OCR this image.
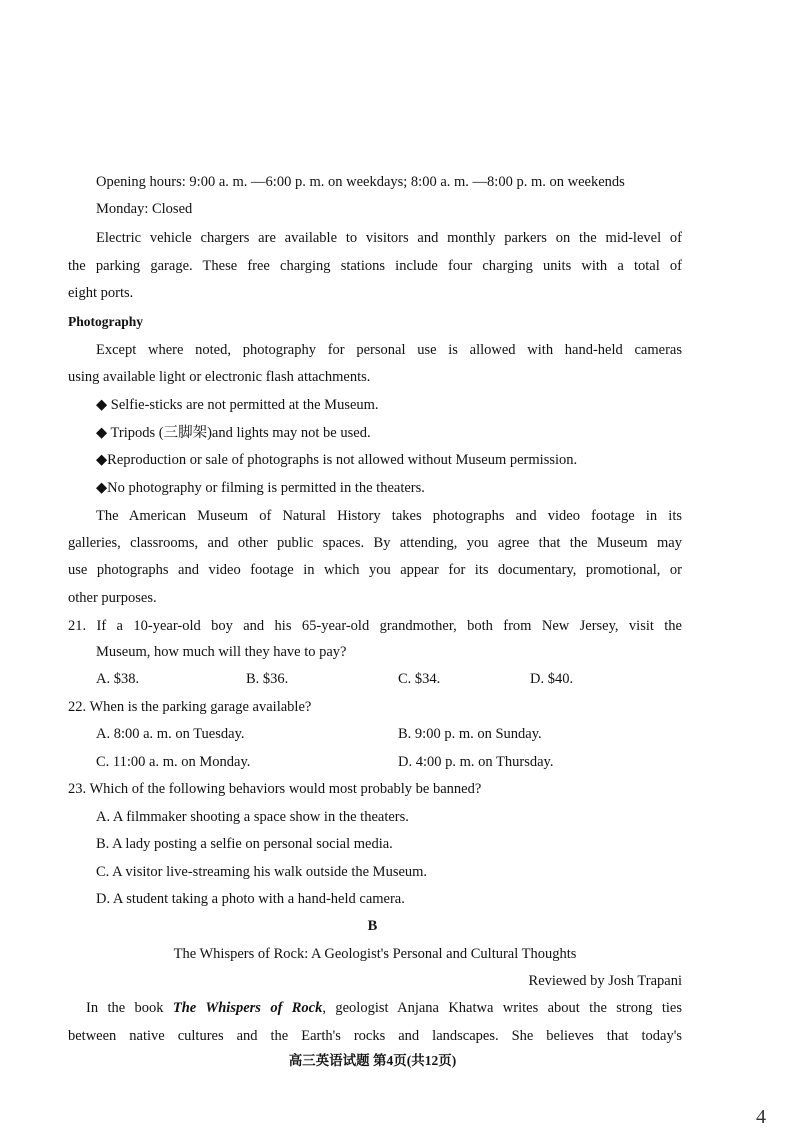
Opening hours: 9:00 a. m. —6:00 p. m. on weekdays; 8:00 a. m. —8:00 p. m. on weekends
Monday: Closed
Electric vehicle chargers are available to visitors and monthly parkers on the mid-level of
the parking garage. These free charging stations include four charging units with a total of
eight ports.
Photography
Except where noted, photography for personal use is allowed with hand-held cameras
using available light or electronic flash attachments.
◆ Selfie-sticks are not permitted at the Museum.
◆ Tripods (三脚架)and lights may not be used.
◆Reproduction or sale of photographs is not allowed without Museum permission.
◆No photography or filming is permitted in the theaters.
The American Museum of Natural History takes photographs and video footage in its
galleries, classrooms, and other public spaces. By attending, you agree that the Museum may
use photographs and video footage in which you appear for its documentary, promotional, or
other purposes.
21. If a 10-year-old boy and his 65-year-old grandmother, both from New Jersey, visit the
Museum, how much will they have to pay?
A. $38.	B. $36.	C. $34.	D. $40.
22. When is the parking garage available?
A. 8:00 a. m. on Tuesday.	B. 9:00 p. m. on Sunday.
C. 11:00 a. m. on Monday.	D. 4:00 p. m. on Thursday.
23. Which of the following behaviors would most probably be banned?
A. A filmmaker shooting a space show in the theaters.
B. A lady posting a selfie on personal social media.
C. A visitor live-streaming his walk outside the Museum.
D. A student taking a photo with a hand-held camera.
B
The Whispers of Rock: A Geologist's Personal and Cultural Thoughts
Reviewed by Josh Trapani
In the book The Whispers of Rock, geologist Anjana Khatwa writes about the strong ties
between native cultures and the Earth's rocks and landscapes. She believes that today's
高三英语试题 第4页(共12页)
4
